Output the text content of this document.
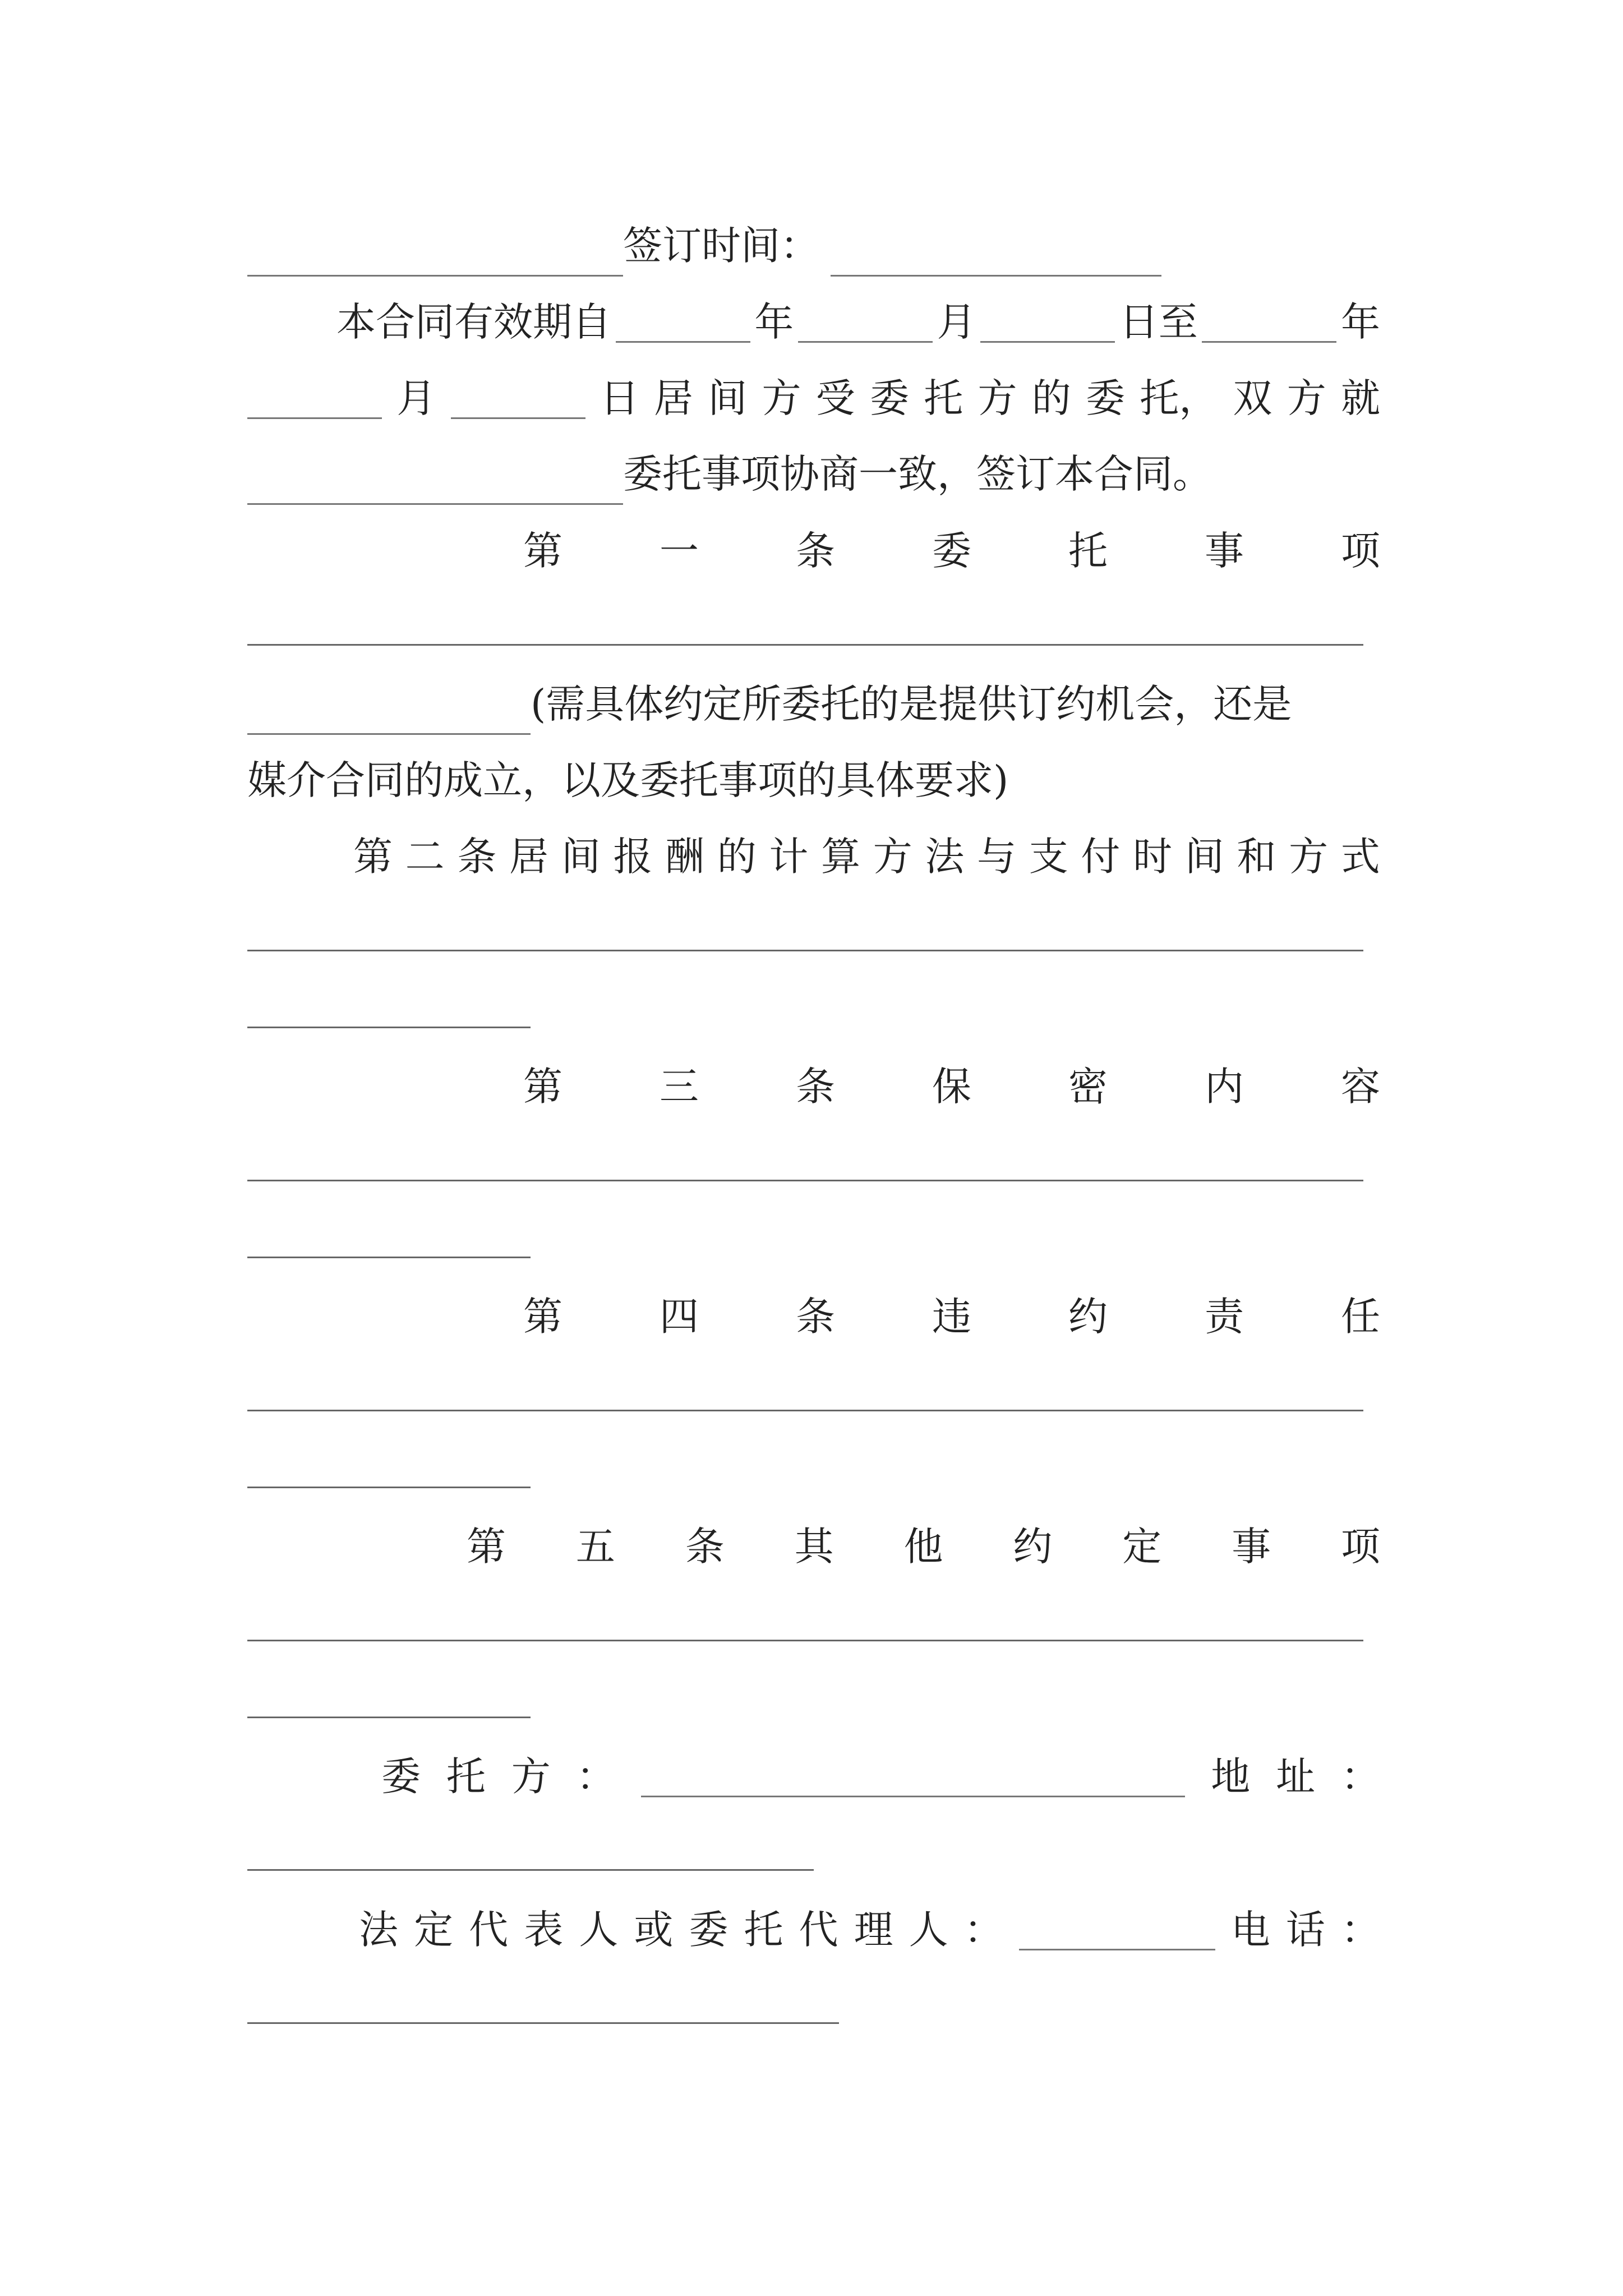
签订时间：
本合同有效期自	年	月	日至	年
月	日 居 间 方 受 委 托 方 的 委 托， 双 方 就
委托事项协商一致，签订本合同。
第 一 条 委 托 事 项
(需具体约定所委托的是提供订约机会，还是
媒介合同的成立，以及委托事项的具体要求)
第 二 条 居 间 报 酬 的 计 算 方 法 与 支 付 时 间 和 方 式
第 三 条 保 密 内 容
第 四 条 违 约 责 任
第 五 条 其 他 约 定 事 项
委 托 方 ：	地 址 ：
法 定 代 表 人 或 委 托 代 理 人 ：	电 话 ：
